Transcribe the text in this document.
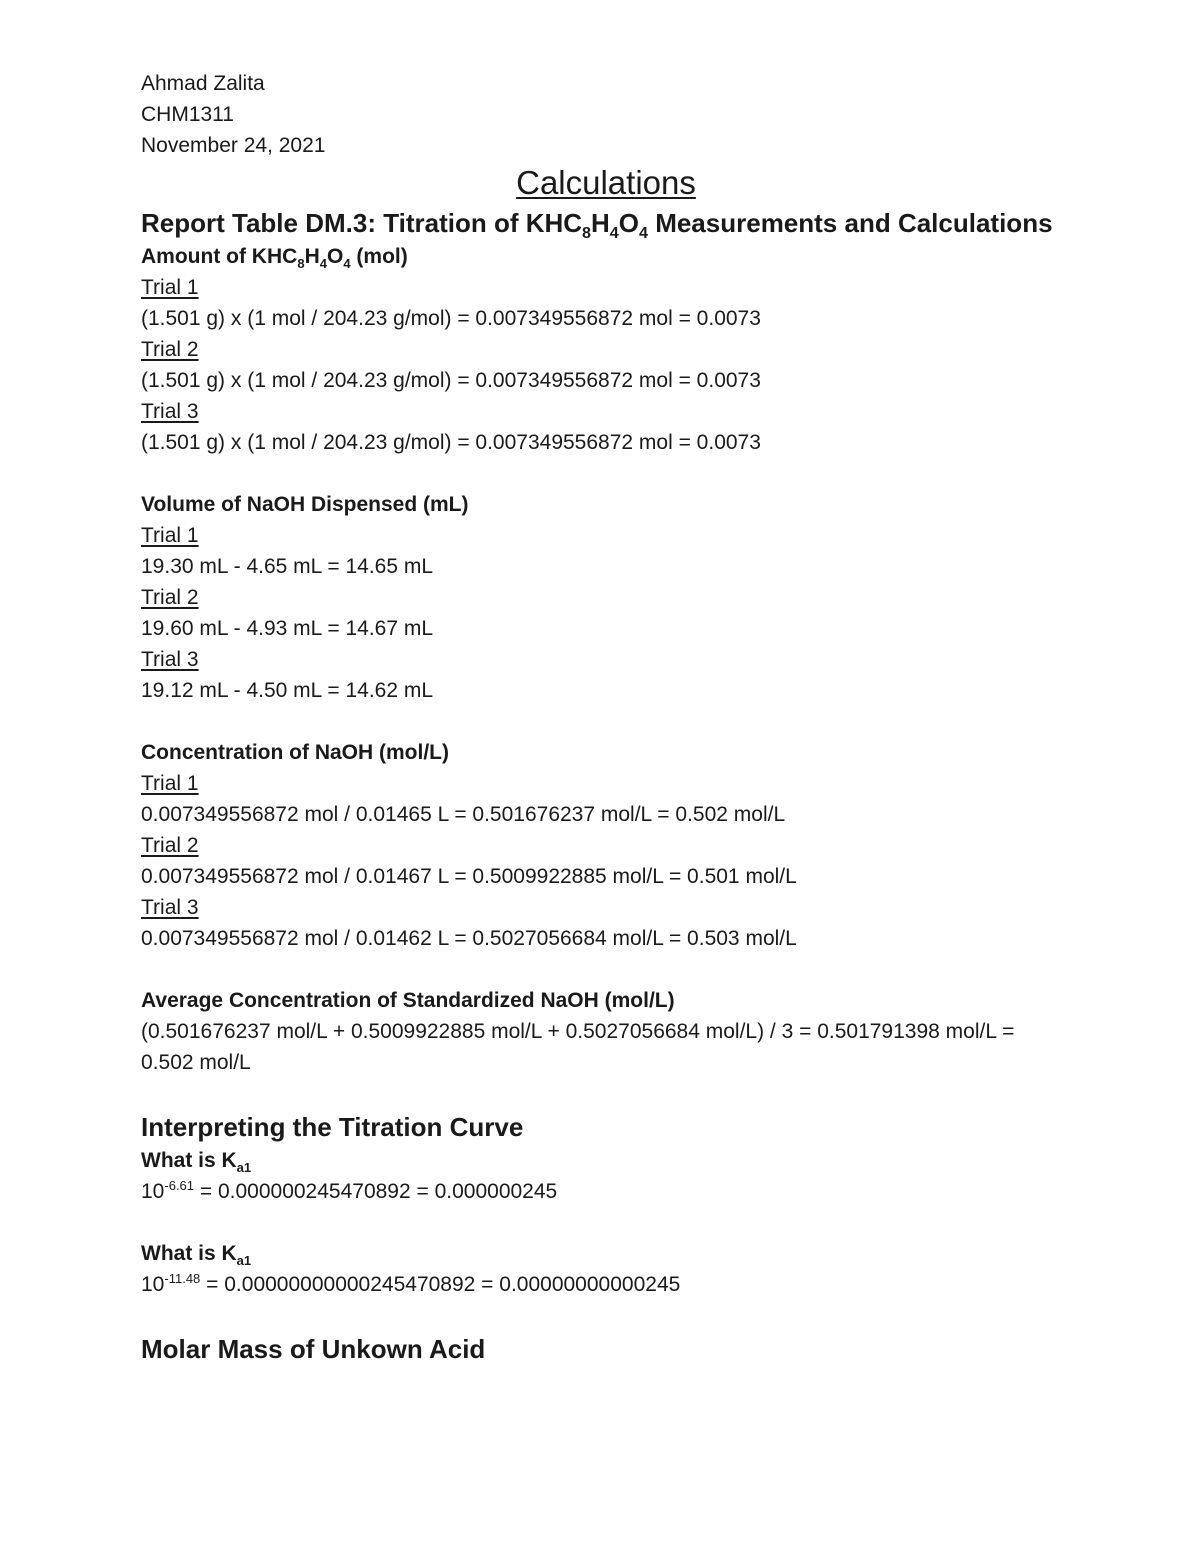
Ahmad Zalita
CHM1311
November 24, 2021
Calculations
Report Table DM.3: Titration of $KHC_8H_4O_4$ Measurements and Calculations
Amount of $KHC_8H_4O_4$ (mol)
Trial 1
(1.501 g) x (1 mol / 204.23 g/mol) = 0.007349556872 mol = 0.0073
Trial 2
(1.501 g) x (1 mol / 204.23 g/mol) = 0.007349556872 mol = 0.0073
Trial 3
(1.501 g) x (1 mol / 204.23 g/mol) = 0.007349556872 mol = 0.0073
Volume of NaOH Dispensed (mL)
Trial 1
19.30 mL - 4.65 mL = 14.65 mL
Trial 2
19.60 mL - 4.93 mL = 14.67 mL
Trial 3
19.12 mL - 4.50 mL = 14.62 mL
Concentration of NaOH (mol/L)
Trial 1
0.007349556872 mol / 0.01465 L = 0.501676237 mol/L = 0.502 mol/L
Trial 2
0.007349556872 mol / 0.01467 L = 0.5009922885 mol/L = 0.501 mol/L
Trial 3
0.007349556872 mol / 0.01462 L = 0.5027056684 mol/L = 0.503 mol/L
Average Concentration of Standardized NaOH (mol/L)
(0.501676237 mol/L + 0.5009922885 mol/L + 0.5027056684 mol/L) / 3 = 0.501791398 mol/L = 0.502 mol/L
Interpreting the Titration Curve
What is $K_{a1}$
$10^{-6.61} = 0.000000245470892 = 0.000000245$
What is $K_{a1}$
$10^{-11.48} = 0.00000000000245470892 = 0.00000000000245$
Molar Mass of Unkown Acid
